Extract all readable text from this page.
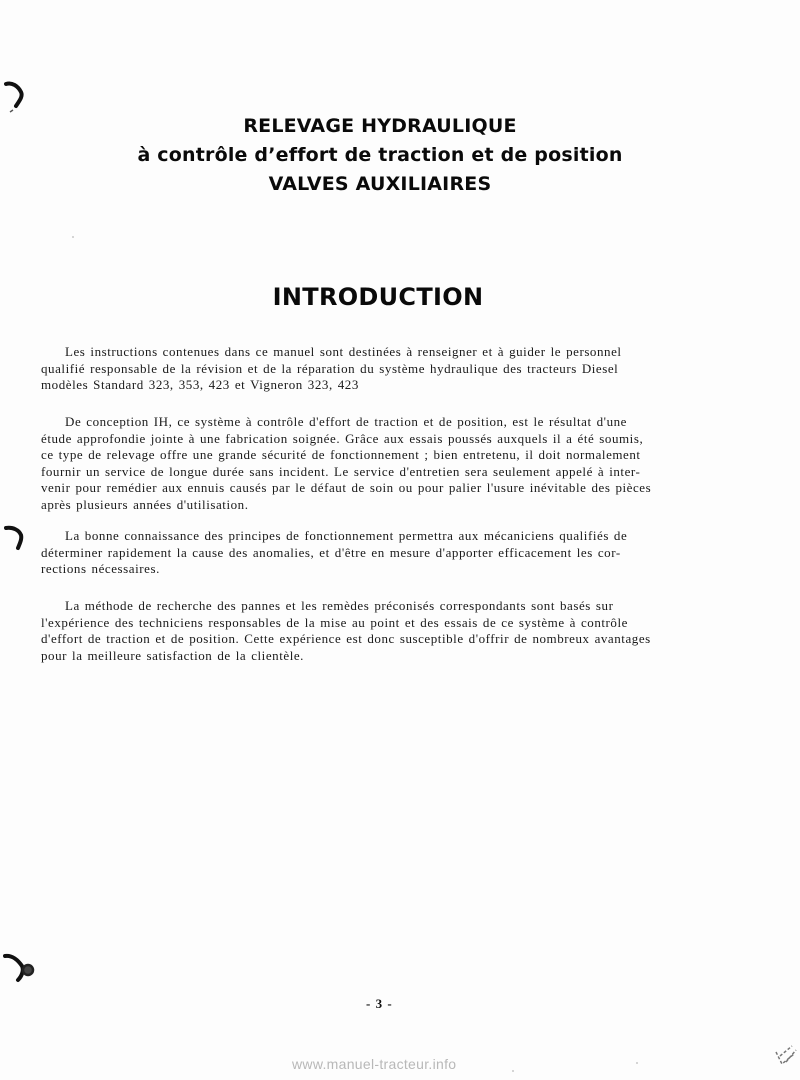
RELEVAGE HYDRAULIQUE
à contrôle d’effort de traction et de position
VALVES AUXILIAIRES
INTRODUCTION
Les instructions contenues dans ce manuel sont destinées à renseigner et à guider le personnel
qualifié responsable de la révision et de la réparation du système hydraulique des tracteurs Diesel
modèles Standard 323, 353, 423 et Vigneron 323, 423
De conception IH, ce système à contrôle d'effort de traction et de position, est le résultat d'une
étude approfondie jointe à une fabrication soignée. Grâce aux essais poussés auxquels il a été soumis,
ce type de relevage offre une grande sécurité de fonctionnement ; bien entretenu, il doit normalement
fournir un service de longue durée sans incident. Le service d'entretien sera seulement appelé à inter-
venir pour remédier aux ennuis causés par le défaut de soin ou pour palier l'usure inévitable des pièces
après plusieurs années d'utilisation.
La bonne connaissance des principes de fonctionnement permettra aux mécaniciens qualifiés de
déterminer rapidement la cause des anomalies, et d'être en mesure d'apporter efficacement les cor-
rections nécessaires.
La méthode de recherche des pannes et les remèdes préconisés correspondants sont basés sur
l'expérience des techniciens responsables de la mise au point et des essais de ce système à contrôle
d'effort de traction et de position. Cette expérience est donc susceptible d'offrir de nombreux avantages
pour la meilleure satisfaction de la clientèle.
- 3 -
www.manuel-tracteur.info
